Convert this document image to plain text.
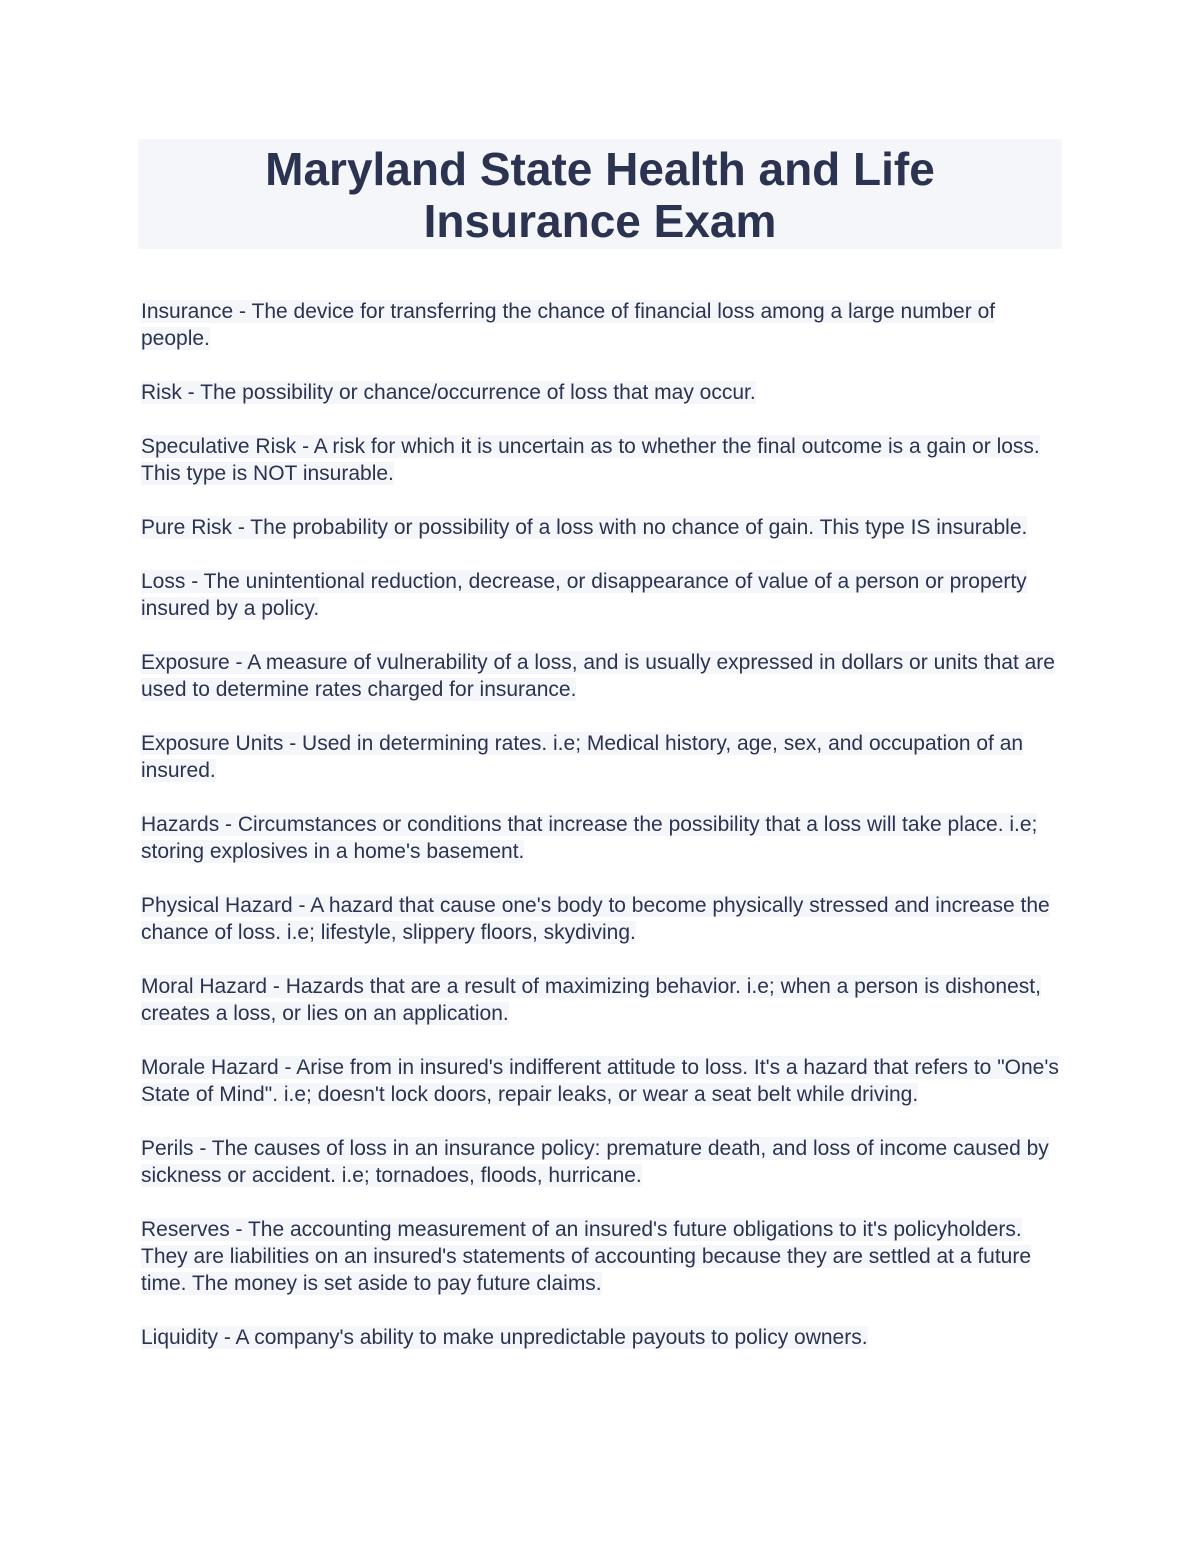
Maryland State Health and Life
Insurance Exam

Insurance - The device for transferring the chance of financial loss among a large number of people.

Risk - The possibility or chance/occurrence of loss that may occur.

Speculative Risk - A risk for which it is uncertain as to whether the final outcome is a gain or loss. This type is NOT insurable.

Pure Risk - The probability or possibility of a loss with no chance of gain. This type IS insurable.

Loss - The unintentional reduction, decrease, or disappearance of value of a person or property insured by a policy.

Exposure - A measure of vulnerability of a loss, and is usually expressed in dollars or units that are used to determine rates charged for insurance.

Exposure Units - Used in determining rates. i.e; Medical history, age, sex, and occupation of an insured.

Hazards - Circumstances or conditions that increase the possibility that a loss will take place. i.e; storing explosives in a home's basement.

Physical Hazard - A hazard that cause one's body to become physically stressed and increase the chance of loss. i.e; lifestyle, slippery floors, skydiving.

Moral Hazard - Hazards that are a result of maximizing behavior. i.e; when a person is dishonest, creates a loss, or lies on an application.

Morale Hazard - Arise from in insured's indifferent attitude to loss. It's a hazard that refers to "One's State of Mind". i.e; doesn't lock doors, repair leaks, or wear a seat belt while driving.

Perils - The causes of loss in an insurance policy: premature death, and loss of income caused by sickness or accident. i.e; tornadoes, floods, hurricane.

Reserves - The accounting measurement of an insured's future obligations to it's policyholders. They are liabilities on an insured's statements of accounting because they are settled at a future time. The money is set aside to pay future claims.

Liquidity - A company's ability to make unpredictable payouts to policy owners.
